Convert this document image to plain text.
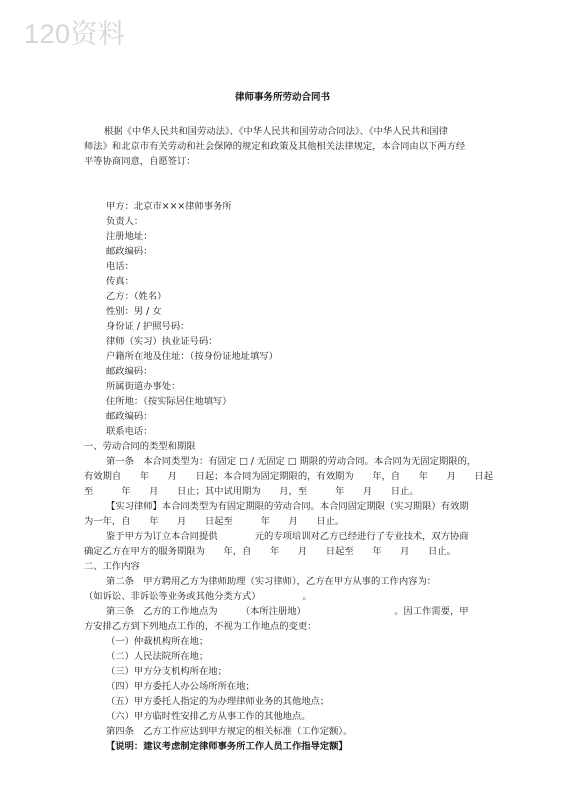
120资料
律师事务所劳动合同书

根据《中华人民共和国劳动法》、《中华人民共和国劳动合同法》、《中华人民共和国律

师法》和北京市有关劳动和社会保障的规定和政策及其他相关法律规定，本合同由以下两方经

平等协商同意，自愿签订：

甲方：北京市×××律师事务所

负责人：

注册地址：

邮政编码：

电话：

传真：

乙方：（姓名）

性别：男 / 女

身份证 / 护照号码：

律师（实习）执业证号码：

户籍所在地及住址：（按身份证地址填写）

邮政编码：

所属街道办事处：

住所地：（按实际居住地填写）

邮政编码：

联系电话：

一、劳动合同的类型和期限

第一条　本合同类型为：有固定 □ / 无固定 □ 期限的劳动合同。本合同为无固定期限的，

有效期自　　年　　月　　日起；本合同为固定期限的，有效期为　　年，自　　年　　月　　日起

至　　　年　　月　　日止；其中试用期为　　月，至　　　年　　月　　日止。

【实习律师】本合同类型为有固定期限的劳动合同。本合同固定期限（实习期限）有效期

为一年，自　　年　　月　　日起至　　　年　　月　　日止。

鉴于甲方为订立本合同提供　　　　元的专项培训对乙方已经进行了专业技术，双方协商

确定乙方在甲方的服务期限为　　年，自　　年　　月　　日起至　　年　　月　　日止。

二、工作内容

第二条　甲方聘用乙方为律师助理（实习律师），乙方在甲方从事的工作内容为：

（如诉讼、非诉讼等业务或其他分类方式）　　　　　。

第三条　乙方的工作地点为　　　（本所注册地）　　　　　　　　　　。因工作需要，甲

方安排乙方到下列地点工作的，不视为工作地点的变更：

（一）仲裁机构所在地；

（二）人民法院所在地；

（三）甲方分支机构所在地；

（四）甲方委托人办公场所所在地；

（五）甲方委托人指定的为办理律师业务的其他地点；

（六）甲方临时性安排乙方从事工作的其他地点。

第四条　乙方工作应达到甲方规定的相关标准（工作定额）。

【说明：建议考虑制定律师事务所工作人员工作指导定额】
